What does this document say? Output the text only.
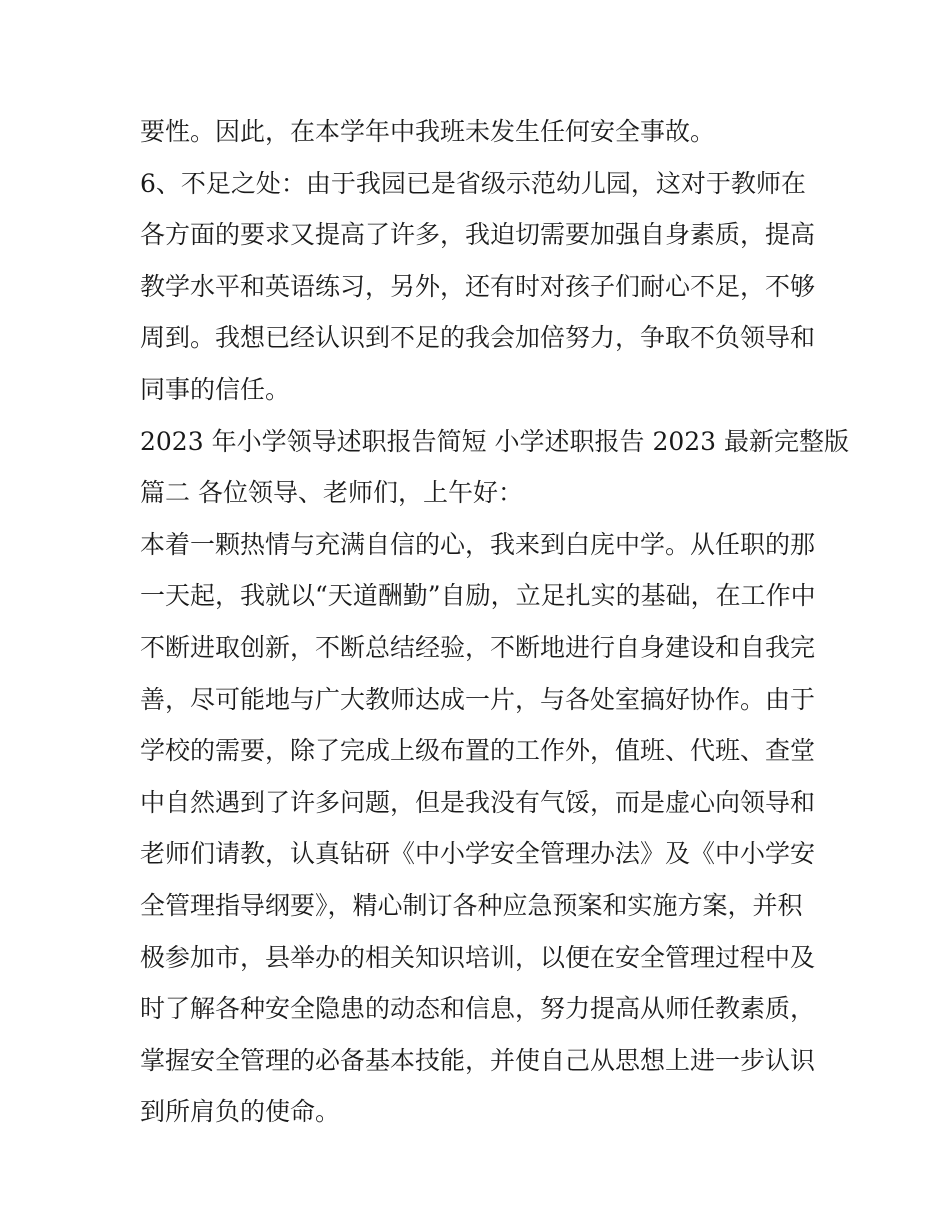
要性。因此，在本学年中我班未发生任何安全事故。
6、不足之处：由于我园已是省级示范幼儿园，这对于教师在
各方面的要求又提高了许多，我迫切需要加强自身素质，提高
教学水平和英语练习，另外，还有时对孩子们耐心不足，不够
周到。我想已经认识到不足的我会加倍努力，争取不负领导和
同事的信任。
2023 年小学领导述职报告简短 小学述职报告 2023 最新完整版
篇二 各位领导、老师们，上午好：
本着一颗热情与充满自信的心，我来到白庑中学。从任职的那
一天起，我就以“天道酬勤”自励，立足扎实的基础，在工作中
不断进取创新，不断总结经验，不断地进行自身建设和自我完
善，尽可能地与广大教师达成一片，与各处室搞好协作。由于
学校的需要，除了完成上级布置的工作外，值班、代班、查堂
中自然遇到了许多问题，但是我没有气馁，而是虚心向领导和
老师们请教，认真钻研《中小学安全管理办法》及《中小学安
全管理指导纲要》，精心制订各种应急预案和实施方案，并积
极参加市，县举办的相关知识培训，以便在安全管理过程中及
时了解各种安全隐患的动态和信息，努力提高从师任教素质，
掌握安全管理的必备基本技能，并使自己从思想上进一步认识
到所肩负的使命。
